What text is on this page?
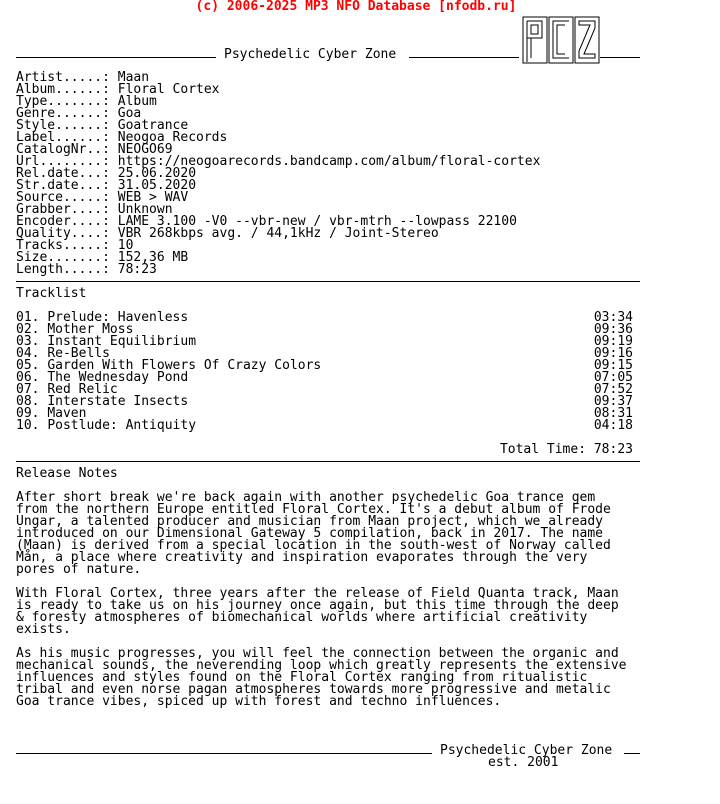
(c) 2006-2025 MP3 NFO Database [nfodb.ru]
Psychedelic Cyber Zone
Artist.....: Maan
Album......: Floral Cortex
Type.......: Album
Genre......: Goa
Style......: Goatrance
Label......: Neogoa Records
CatalogNr..: NEOGO69
Url........: https://neogoarecords.bandcamp.com/album/floral-cortex
Rel.date...: 25.06.2020
Str.date...: 31.05.2020
Source.....: WEB > WAV
Grabber....: Unknown
Encoder....: LAME 3.100 -V0 --vbr-new / vbr-mtrh --lowpass 22100
Quality....: VBR 268kbps avg. / 44,1kHz / Joint-Stereo
Tracks.....: 10
Size.......: 152,36 MB
Length.....: 78:23
Tracklist
01. Prelude: Havenless	03:34
02. Mother Moss	09:36
03. Instant Equilibrium	09:19
04. Re-Bells	09:16
05. Garden With Flowers Of Crazy Colors	09:15
06. The Wednesday Pond	07:05
07. Red Relic	07:52
08. Interstate Insects	09:37
09. Maven	08:31
10. Postlude: Antiquity	04:18
Total Time: 78:23
Release Notes
After short break we're back again with another psychedelic Goa trance gem
from the northern Europe entitled Floral Cortex. It's a debut album of Frode
Ungar, a talented producer and musician from Maan project, which we already
introduced on our Dimensional Gateway 5 compilation, back in 2017. The name
(Maan) is derived from a special location in the south-west of Norway called
Mån, a place where creativity and inspiration evaporates through the very
pores of nature.
With Floral Cortex, three years after the release of Field Quanta track, Maan
is ready to take us on his journey once again, but this time through the deep
& foresty atmospheres of biomechanical worlds where artificial creativity
exists.
As his music progresses, you will feel the connection between the organic and
mechanical sounds, the neverending loop which greatly represents the extensive
influences and styles found on the Floral Cortex ranging from ritualistic
tribal and even norse pagan atmospheres towards more progressive and metalic
Goa trance vibes, spiced up with forest and techno influences.
Psychedelic Cyber Zone
est. 2001
